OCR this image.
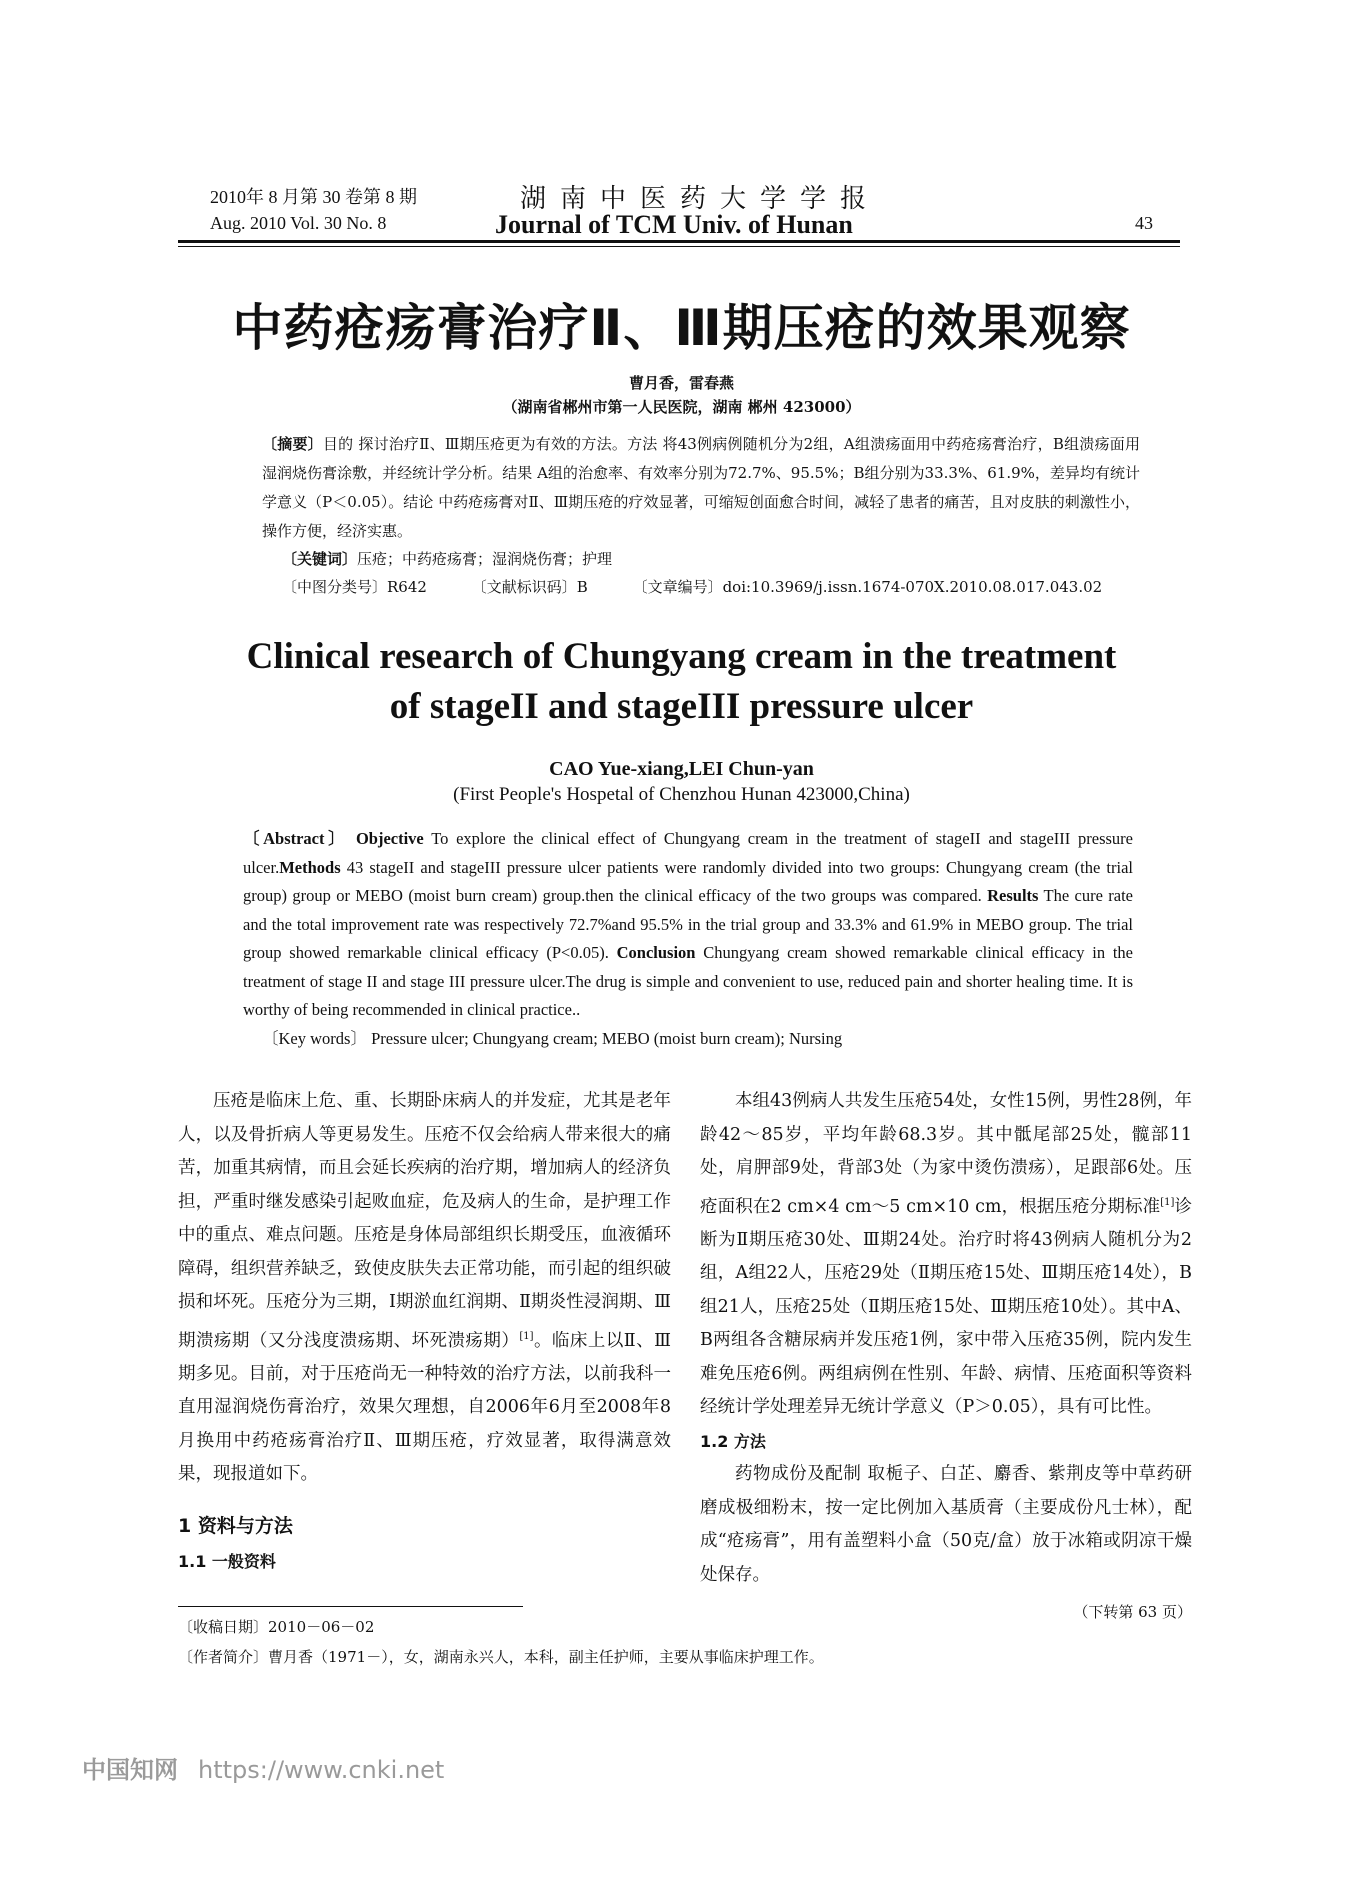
2010年 8 月第 30 卷第 8 期
Aug. 2010 Vol. 30 No. 8
湖南中医药大学学报
Journal of TCM Univ. of Hunan	43
中药疮疡膏治疗Ⅱ、Ⅲ期压疮的效果观察
曹月香，雷春燕
（湖南省郴州市第一人民医院，湖南 郴州 423000）
〔摘要〕目的 探讨治疗Ⅱ、Ⅲ期压疮更为有效的方法。方法 将43例病例随机分为2组，A组溃疡面用中药疮疡膏治疗，B组溃疡面用湿润烧伤膏涂敷，并经统计学分析。结果 A组的治愈率、有效率分别为72.7%、95.5%；B组分别为33.3%、61.9%，差异均有统计学意义（P＜0.05）。结论 中药疮疡膏对Ⅱ、Ⅲ期压疮的疗效显著，可缩短创面愈合时间，减轻了患者的痛苦，且对皮肤的刺激性小，操作方便，经济实惠。
〔关键词〕压疮；中药疮疡膏；湿润烧伤膏；护理
〔中图分类号〕R642	〔文献标识码〕B	〔文章编号〕doi:10.3969/j.issn.1674-070X.2010.08.017.043.02
Clinical research of Chungyang cream in the treatment
of stageII and stageIII pressure ulcer
CAO Yue-xiang,LEI Chun-yan
(First People's Hospetal of Chenzhou Hunan 423000,China)
〔Abstract〕 Objective To explore the clinical effect of Chungyang cream in the treatment of stageII and stageIII pressure ulcer.Methods 43 stageII and stageIII pressure ulcer patients were randomly divided into two groups: Chungyang cream (the trial group) group or MEBO (moist burn cream) group.then the clinical efficacy of the two groups was compared. Results The cure rate and the total improvement rate was respectively 72.7%and 95.5% in the trial group and 33.3% and 61.9% in MEBO group. The trial group showed remarkable clinical efficacy (P<0.05). Conclusion Chungyang cream showed remarkable clinical efficacy in the treatment of stage II and stage III pressure ulcer.The drug is simple and convenient to use, reduced pain and shorter healing time. It is worthy of being recommended in clinical practice..
〔Key words〕 Pressure ulcer; Chungyang cream; MEBO (moist burn cream); Nursing

压疮是临床上危、重、长期卧床病人的并发症，尤其是老年人，以及骨折病人等更易发生。压疮不仅会给病人带来很大的痛苦，加重其病情，而且会延长疾病的治疗期，增加病人的经济负担，严重时继发感染引起败血症，危及病人的生命，是护理工作中的重点、难点问题。压疮是身体局部组织长期受压，血液循环障碍，组织营养缺乏，致使皮肤失去正常功能，而引起的组织破损和坏死。压疮分为三期，Ⅰ期淤血红润期、Ⅱ期炎性浸润期、Ⅲ期溃疡期（又分浅度溃疡期、坏死溃疡期）[1]。临床上以Ⅱ、Ⅲ期多见。目前，对于压疮尚无一种特效的治疗方法，以前我科一直用湿润烧伤膏治疗，效果欠理想，自2006年6月至2008年8月换用中药疮疡膏治疗Ⅱ、Ⅲ期压疮，疗效显著，取得满意效果，现报道如下。

1 资料与方法
1.1 一般资料

本组43例病人共发生压疮54处，女性15例，男性28例，年龄42～85岁，平均年龄68.3岁。其中骶尾部25处，髋部11处，肩胛部9处，背部3处（为家中烫伤溃疡），足跟部6处。压疮面积在2 cm×4 cm～5 cm×10 cm，根据压疮分期标准[1]诊断为Ⅱ期压疮30处、Ⅲ期24处。治疗时将43例病人随机分为2组，A组22人，压疮29处（Ⅱ期压疮15处、Ⅲ期压疮14处），B组21人，压疮25处（Ⅱ期压疮15处、Ⅲ期压疮10处）。其中A、B两组各含糖尿病并发压疮1例，家中带入压疮35例，院内发生难免压疮6例。两组病例在性别、年龄、病情、压疮面积等资料经统计学处理差异无统计学意义（P＞0.05），具有可比性。

1.2 方法

药物成份及配制 取栀子、白芷、麝香、紫荆皮等中草药研磨成极细粉末，按一定比例加入基质膏（主要成份凡士林），配成“疮疡膏”，用有盖塑料小盒（50克/盒）放于冰箱或阴凉干燥处保存。

（下转第 63 页）
〔收稿日期〕2010－06－02
〔作者简介〕曹月香（1971－），女，湖南永兴人，本科，副主任护师，主要从事临床护理工作。
中国知网 https://www.cnki.net
